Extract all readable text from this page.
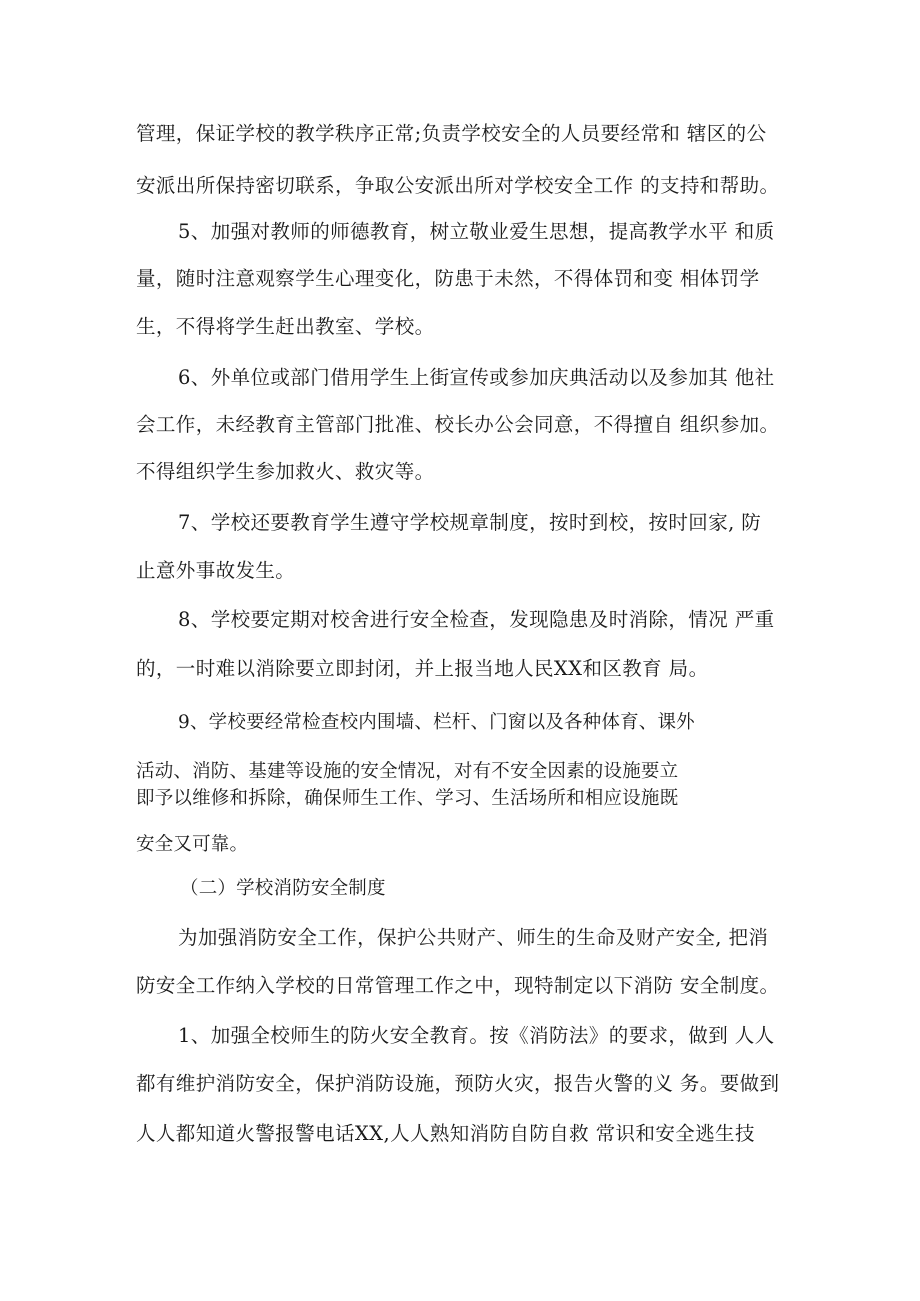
管理，保证学校的教学秩序正常;负责学校安全的人员要经常和 辖区的公
安派出所保持密切联系，争取公安派出所对学校安全工作 的支持和帮助。
5、加强对教师的师德教育，树立敬业爱生思想，提高教学水平 和质
量，随时注意观察学生心理变化，防患于未然，不得体罚和变 相体罚学
生，不得将学生赶出教室、学校。
6、外单位或部门借用学生上街宣传或参加庆典活动以及参加其 他社
会工作，未经教育主管部门批准、校长办公会同意，不得擅自 组织参加。
不得组织学生参加救火、救灾等。
7、学校还要教育学生遵守学校规章制度，按时到校，按时回家, 防
止意外事故发生。
8、学校要定期对校舍进行安全检查，发现隐患及时消除，情况 严重
的，一时难以消除要立即封闭，并上报当地人民XX和区教育 局。
9、学校要经常检查校内围墙、栏杆、门窗以及各种体育、课外
活动、消防、基建等设施的安全情况，对有不安全因素的设施要立
即予以维修和拆除，确保师生工作、学习、生活场所和相应设施既
安全又可靠。
（二）学校消防安全制度
为加强消防安全工作，保护公共财产、师生的生命及财产安全, 把消
防安全工作纳入学校的日常管理工作之中，现特制定以下消防 安全制度。
1、加强全校师生的防火安全教育。按《消防法》的要求，做到 人人
都有维护消防安全，保护消防设施，预防火灾，报告火警的义 务。要做到
人人都知道火警报警电话XX,人人熟知消防自防自救 常识和安全逃生技
